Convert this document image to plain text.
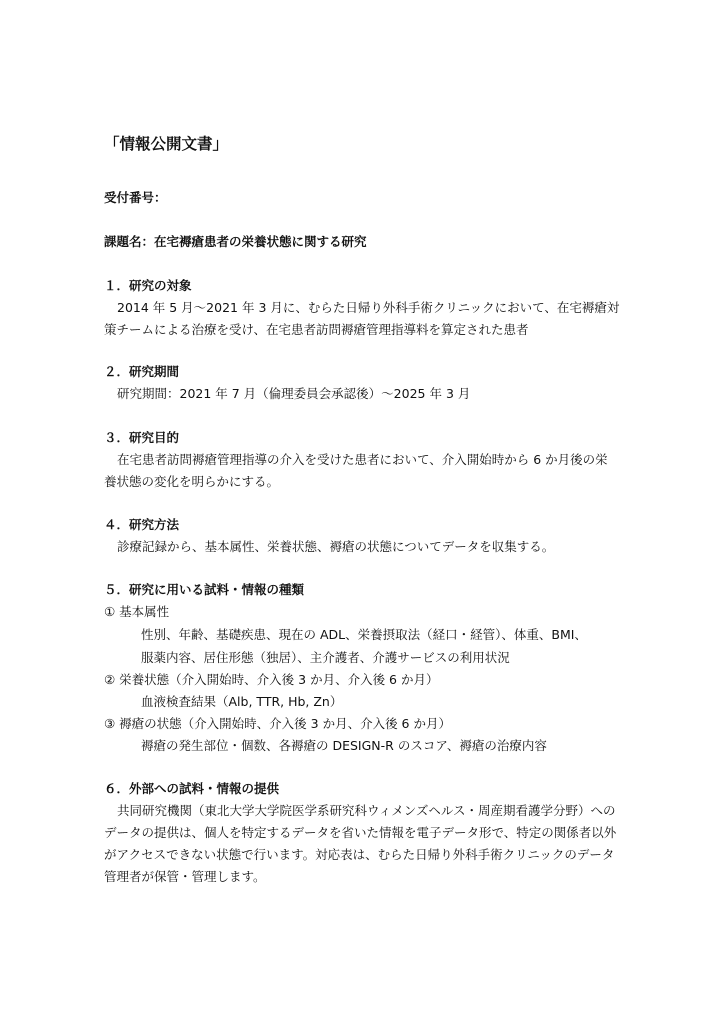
「情報公開文書」
受付番号：
課題名：在宅褥瘡患者の栄養状態に関する研究
１．研究の対象
2014 年 5 月〜2021 年 3 月に、むらた日帰り外科手術クリニックにおいて、在宅褥瘡対
策チームによる治療を受け、在宅患者訪問褥瘡管理指導料を算定された患者
２．研究期間
研究期間：2021 年 7 月（倫理委員会承認後）〜2025 年 3 月
３．研究目的
在宅患者訪問褥瘡管理指導の介入を受けた患者において、介入開始時から 6 か月後の栄
養状態の変化を明らかにする。
４．研究方法
診療記録から、基本属性、栄養状態、褥瘡の状態についてデータを収集する。
５．研究に用いる試料・情報の種類
① 基本属性
性別、年齢、基礎疾患、現在の ADL、栄養摂取法（経口・経管）、体重、BMI、
服薬内容、居住形態（独居）、主介護者、介護サービスの利用状況
② 栄養状態（介入開始時、介入後 3 か月、介入後 6 か月）
血液検査結果（Alb, TTR, Hb, Zn）
③ 褥瘡の状態（介入開始時、介入後 3 か月、介入後 6 か月）
褥瘡の発生部位・個数、各褥瘡の DESIGN-R のスコア、褥瘡の治療内容
６．外部への試料・情報の提供
共同研究機関（東北大学大学院医学系研究科ウィメンズヘルス・周産期看護学分野）への
データの提供は、個人を特定するデータを省いた情報を電子データ形で、特定の関係者以外
がアクセスできない状態で行います。対応表は、むらた日帰り外科手術クリニックのデータ
管理者が保管・管理します。
